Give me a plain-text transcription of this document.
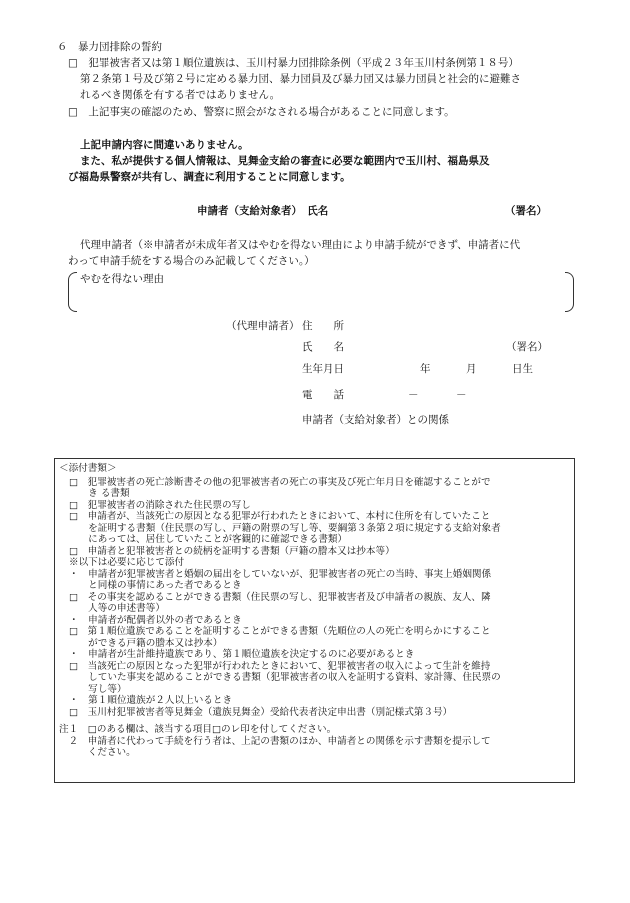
６　暴力団排除の誓約
□　犯罪被害者又は第１順位遺族は、玉川村暴力団排除条例（平成２３年玉川村条例第１８号）
第２条第１号及び第２号に定める暴力団、暴力団員及び暴力団又は暴力団員と社会的に避難さ
れるべき関係を有する者ではありません。
□　上記事実の確認のため、警察に照会がなされる場合があることに同意します。
上記申請内容に間違いありません。
また、私が提供する個人情報は、見舞金支給の審査に必要な範囲内で玉川村、福島県及
び福島県警察が共有し、調査に利用することに同意します。
申請者（支給対象者）　氏名	（署名）
代理申請者（※申請者が未成年者又はやむを得ない理由により申請手続ができず、申請者に代
わって申請手続をする場合のみ記載してください。）
やむを得ない理由
（代理申請者） 住　　所
氏　　名	（署名）
生年月日	年	月	日生
電　　話	－	－
申請者（支給対象者）との関係
＜添付書類＞
□　犯罪被害者の死亡診断書その他の犯罪被害者の死亡の事実及び死亡年月日を確認することがで
　　き る書類
□　犯罪被害者の消除された住民票の写し
□　申請者が、当該死亡の原因となる犯罪が行われたときにおいて、本村に住所を有していたこと
　　を証明する書類（住民票の写し、戸籍の附票の写し等、要綱第３条第２項に規定する支給対象者
　　にあっては、居住していたことが客観的に確認できる書類）
□　申請者と犯罪被害者との続柄を証明する書類（戸籍の謄本又は抄本等）
※以下は必要に応じて添付
・　申請者が犯罪被害者と婚姻の届出をしていないが、犯罪被害者の死亡の当時、事実上婚姻関係
　　と同様の事情にあった者であるとき
□　その事実を認めることができる書類（住民票の写し、犯罪被害者及び申請者の親族、友人、隣
　　人等の申述書等）
・　申請者が配偶者以外の者であるとき
□　第１順位遺族であることを証明することができる書類（先順位の人の死亡を明らかにすること
　　ができる戸籍の謄本又は抄本）
・　申請者が生計維持遺族であり、第１順位遺族を決定するのに必要があるとき
□　当該死亡の原因となった犯罪が行われたときにおいて、犯罪被害者の収入によって生計を維持
　　していた事実を認めることができる書類（犯罪被害者の収入を証明する資料、家計簿、住民票の
　　写し等）
・　第１順位遺族が２人以上いるとき
□　玉川村犯罪被害者等見舞金（遺族見舞金）受給代表者決定申出書（別記様式第３号）
注１　□のある欄は、該当する項目□のレ印を付してください。
　２　申請者に代わって手続を行う者は、上記の書類のほか、申請者との関係を示す書類を提示して
　　　ください。
